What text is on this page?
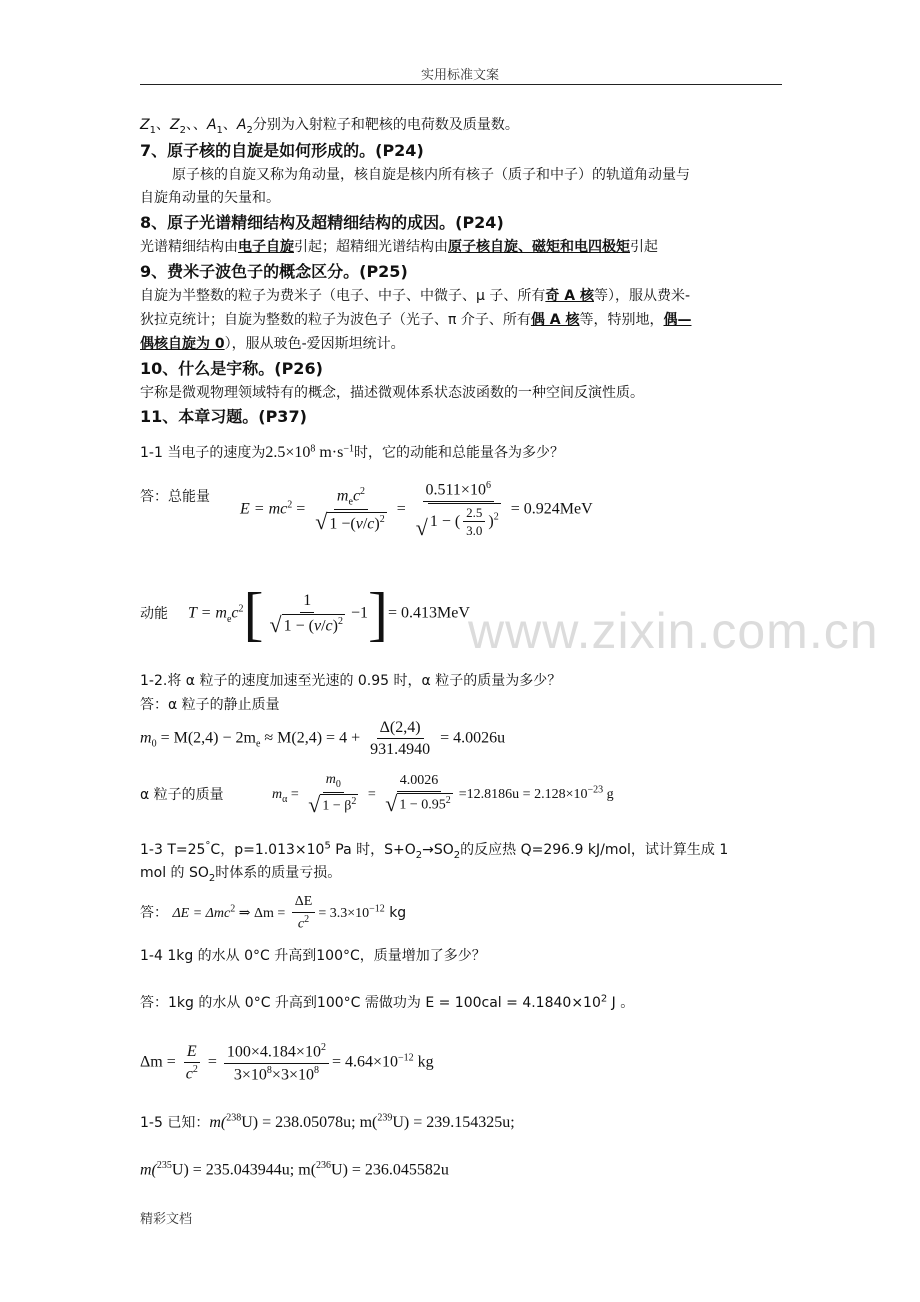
实用标准文案
www.zixin.com.cn
$Z_1$、$Z_2$、、$A_1$、$A_2$分别为入射粒子和靶核的电荷数及质量数。
7、原子核的自旋是如何形成的。(P24)
原子核的自旋又称为角动量，核自旋是核内所有核子（质子和中子）的轨道角动量与
自旋角动量的矢量和。
8、原子光谱精细结构及超精细结构的成因。(P24)
光谱精细结构由电子自旋引起；超精细光谱结构由原子核自旋、磁矩和电四极矩引起
9、费米子波色子的概念区分。(P25)
自旋为半整数的粒子为费米子（电子、中子、中微子、μ 子、所有奇 A 核等），服从费米-
狄拉克统计；自旋为整数的粒子为波色子（光子、π 介子、所有偶 A 核等，特别地，偶—
偶核自旋为 0），服从玻色-爱因斯坦统计。
10、什么是宇称。(P26)
宇称是微观物理领域特有的概念，描述微观体系状态波函数的一种空间反演性质。
11、本章习题。(P37)
1-1 当电子的速度为$2.5\times 10^8$ $m\cdot s^{-1}$时，它的动能和总能量各为多少？
答：总能量
$E = mc^2 = \frac{m_ec^2}{√ 1 -(v/c)^2} = \frac{0.511\times 10^6}{√ 1 - ( \frac{2.5}{3.0} )^2} = 0.924MeV$
动能 $T = m_ec^2[ \frac{1}{√ 1 - (v/c)^2} -1]= 0.413MeV$
1-2.将 α 粒子的速度加速至光速的 0.95 时，α 粒子的质量为多少？
答：α 粒子的静止质量
$m_0 = M(2,4) - 2m_e \approx M(2,4) = 4 + \frac{\Delta(2,4)}{931.4940} = 4.0026u$
α 粒子的质量	$m_\alpha = \frac{m_0}{√ 1 - \beta^2} = \frac{4.0026}{√ 1 - 0.95^2} =12.8186u = 2.128\times 10^{-23}$ g
1-3 T=25°C，$p=1.013\times 10^5$ Pa 时，$S+O_2\to SO_2$的反应热 Q=296.9 kJ/mol，试计算生成 1
mol 的 $SO_2$时体系的质量亏损。
答： ΔE = Δmc$^2$ ⇒ $\Delta m = \frac{\Delta E}{c^2} = 3.3\times 10^{-12}$ kg
1-4 1kg 的水从 0°C 升高到100°C，质量增加了多少？
答：1kg 的水从 0°C 升高到100°C 需做功为 $E = 100cal = 4.1840\times 10^2$ J 。
$\Delta m = \frac{E}{c^2} = \frac{100\times 4.184\times 10^2}{3\times 10^8\times 3\times 10^8} = 4.64\times 10^{-12}$ kg
1-5 已知：m($^{238}$U) = 238.05078u; m($^{239}$U) = 239.154325u;
m($^{235}$U) = 235.043944u; m($^{236}$U) = 236.045582u
精彩文档
